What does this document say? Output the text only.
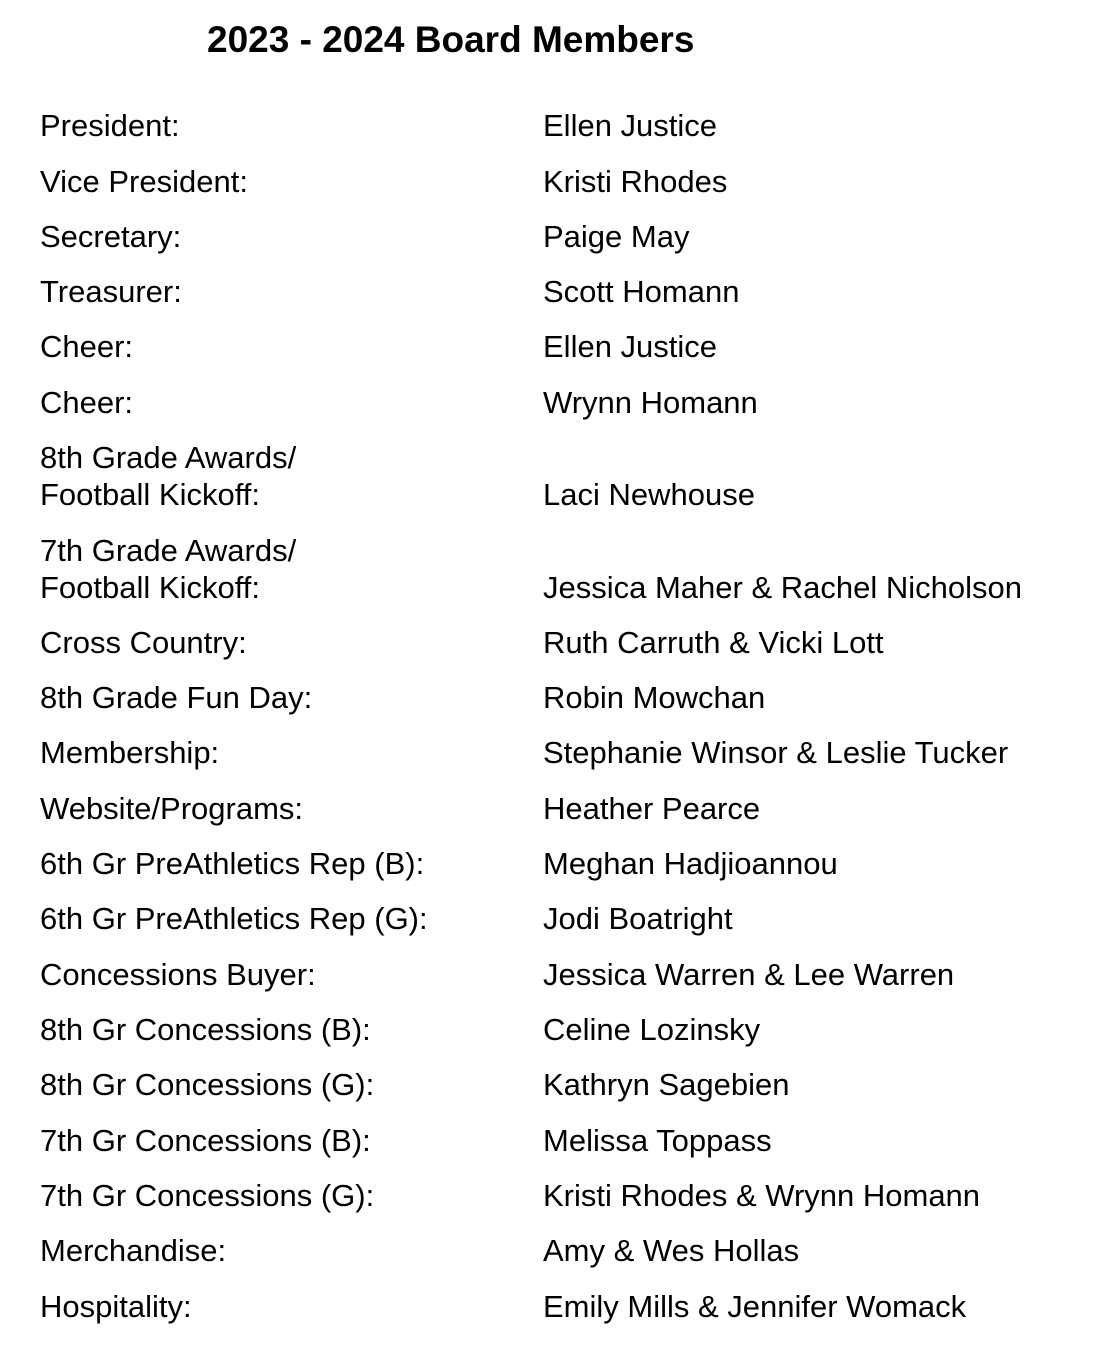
2023 - 2024 Board Members
President:	Ellen Justice
Vice President:	Kristi Rhodes
Secretary:	Paige May
Treasurer:	Scott Homann
Cheer:	Ellen Justice
Cheer:	Wrynn Homann
8th Grade Awards/
Football Kickoff:	Laci Newhouse
7th Grade Awards/
Football Kickoff:	Jessica Maher & Rachel Nicholson
Cross Country:	Ruth Carruth & Vicki Lott
8th Grade Fun Day:	Robin Mowchan
Membership:	Stephanie Winsor & Leslie Tucker
Website/Programs:	Heather Pearce
6th Gr PreAthletics Rep (B):	Meghan Hadjioannou
6th Gr PreAthletics Rep (G):	Jodi Boatright
Concessions Buyer:	Jessica Warren & Lee Warren
8th Gr Concessions (B):	Celine Lozinsky
8th Gr Concessions (G):	Kathryn Sagebien
7th Gr Concessions (B):	Melissa Toppass
7th Gr Concessions (G):	Kristi Rhodes & Wrynn Homann
Merchandise:	Amy & Wes Hollas
Hospitality:	Emily Mills & Jennifer Womack
